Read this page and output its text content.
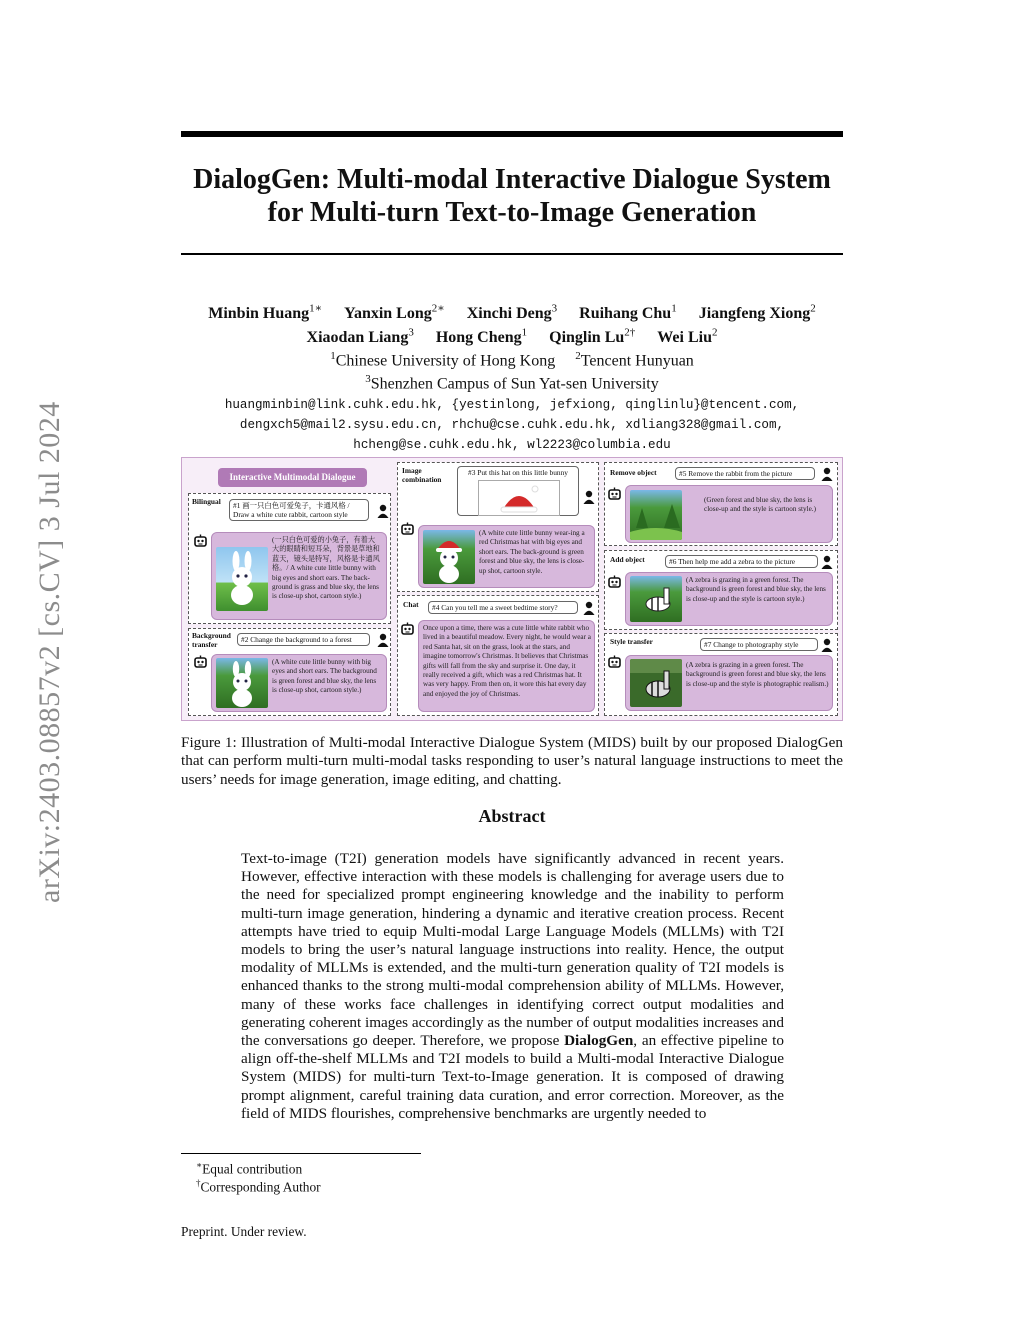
arXiv:2403.08857v2 [cs.CV] 3 Jul 2024
DialogGen: Multi-modal Interactive Dialogue System
for Multi-turn Text-to-Image Generation
Minbin Huang$^{1∗}$ Yanxin Long$^{2∗}$ Xinchi Deng$^3$ Ruihang Chu$^1$ Jiangfeng Xiong$^2$
Xiaodan Liang$^3$ Hong Cheng$^1$ Qinglin $Lu^{2\dagger}$ Wei Liu$^2$
$^1$Chinese University of Hong Kong $^2$Tencent Hunyuan
$^3$Shenzhen Campus of Sun Yat-sen University
huangminbin@link.cuhk.edu.hk, {yestinlong, jefxiong, qinglinlu}@tencent.com,
dengxch5@mail2.sysu.edu.cn, rhchu@cse.cuhk.edu.hk, xdliang328@gmail.com,
hcheng@se.cuhk.edu.hk, wl2223@columbia.edu
Interactive Multimodal Dialogue
Bilingual	#1 画一只白色可爱兔子，卡通风格 / Draw a white cute rabbit, cartoon style
(一只白色可爱的小兔子，有着大大的眼睛和短耳朵，背景是草地和蓝天，镜头是特写，风格是卡通风格。/ A white cute little bunny with big eyes and short ears. The back-ground is grass and blue sky, the lens is close-up shot, cartoon style.)
Background
transfer	#2 Change the background to a forest
(A white cute little bunny with big eyes and short ears. The background is green forest and blue sky, the lens is close-up shot, cartoon style.)
Image
combination
#3 Put this hat on this little bunny
(A white cute little bunny wear-ing a red Christmas hat with big eyes and short ears. The back-ground is green forest and blue sky, the lens is close-up shot, cartoon style.
Chat	#4 Can you tell me a sweet bedtime story?
Once upon a time, there was a cute little white rabbit who lived in a beautiful meadow. Every night, he would wear a red Santa hat, sit on the grass, look at the stars, and imagine tomorrow's Christmas. It believes that Christmas gifts will fall from the sky and surprise it. One day, it really received a gift, which was a red Christmas hat. It was very happy. From then on, it wore this hat every day and enjoyed the joy of Christmas.
Remove object	#5 Remove the rabbit from the picture
(Green forest and blue sky, the lens is close-up and the style is cartoon style.)
Add object	#6 Then help me add a zebra to the picture
(A zebra is grazing in a green forest. The background is green forest and blue sky, the lens is close-up and the style is cartoon style.)
Style transfer	#7 Change to photography style
(A zebra is grazing in a green forest. The background is green forest and blue sky, the lens is close-up and the style is photographic realism.)
Figure 1: Illustration of Multi-modal Interactive Dialogue System (MIDS) built by our proposed DialogGen that can perform multi-turn multi-modal tasks responding to user’s natural language instructions to meet the users’ needs for image generation, image editing, and chatting.
Abstract
Text-to-image (T2I) generation models have significantly advanced in recent years. However, effective interaction with these models is challenging for average users due to the need for specialized prompt engineering knowledge and the inability to perform multi-turn image generation, hindering a dynamic and iterative creation process. Recent attempts have tried to equip Multi-modal Large Language Models (MLLMs) with T2I models to bring the user’s natural language instructions into reality. Hence, the output modality of MLLMs is extended, and the multi-turn generation quality of T2I models is enhanced thanks to the strong multi-modal comprehension ability of MLLMs. However, many of these works face challenges in identifying correct output modalities and generating coherent images accordingly as the number of output modalities increases and the conversations go deeper. Therefore, we propose DialogGen, an effective pipeline to align off-the-shelf MLLMs and T2I models to build a Multi-modal Interactive Dialogue System (MIDS) for multi-turn Text-to-Image generation. It is composed of drawing prompt alignment, careful training data curation, and error correction. Moreover, as the field of MIDS flourishes, comprehensive benchmarks are urgently needed to
∗Equal contribution
†Corresponding Author
Preprint. Under review.
